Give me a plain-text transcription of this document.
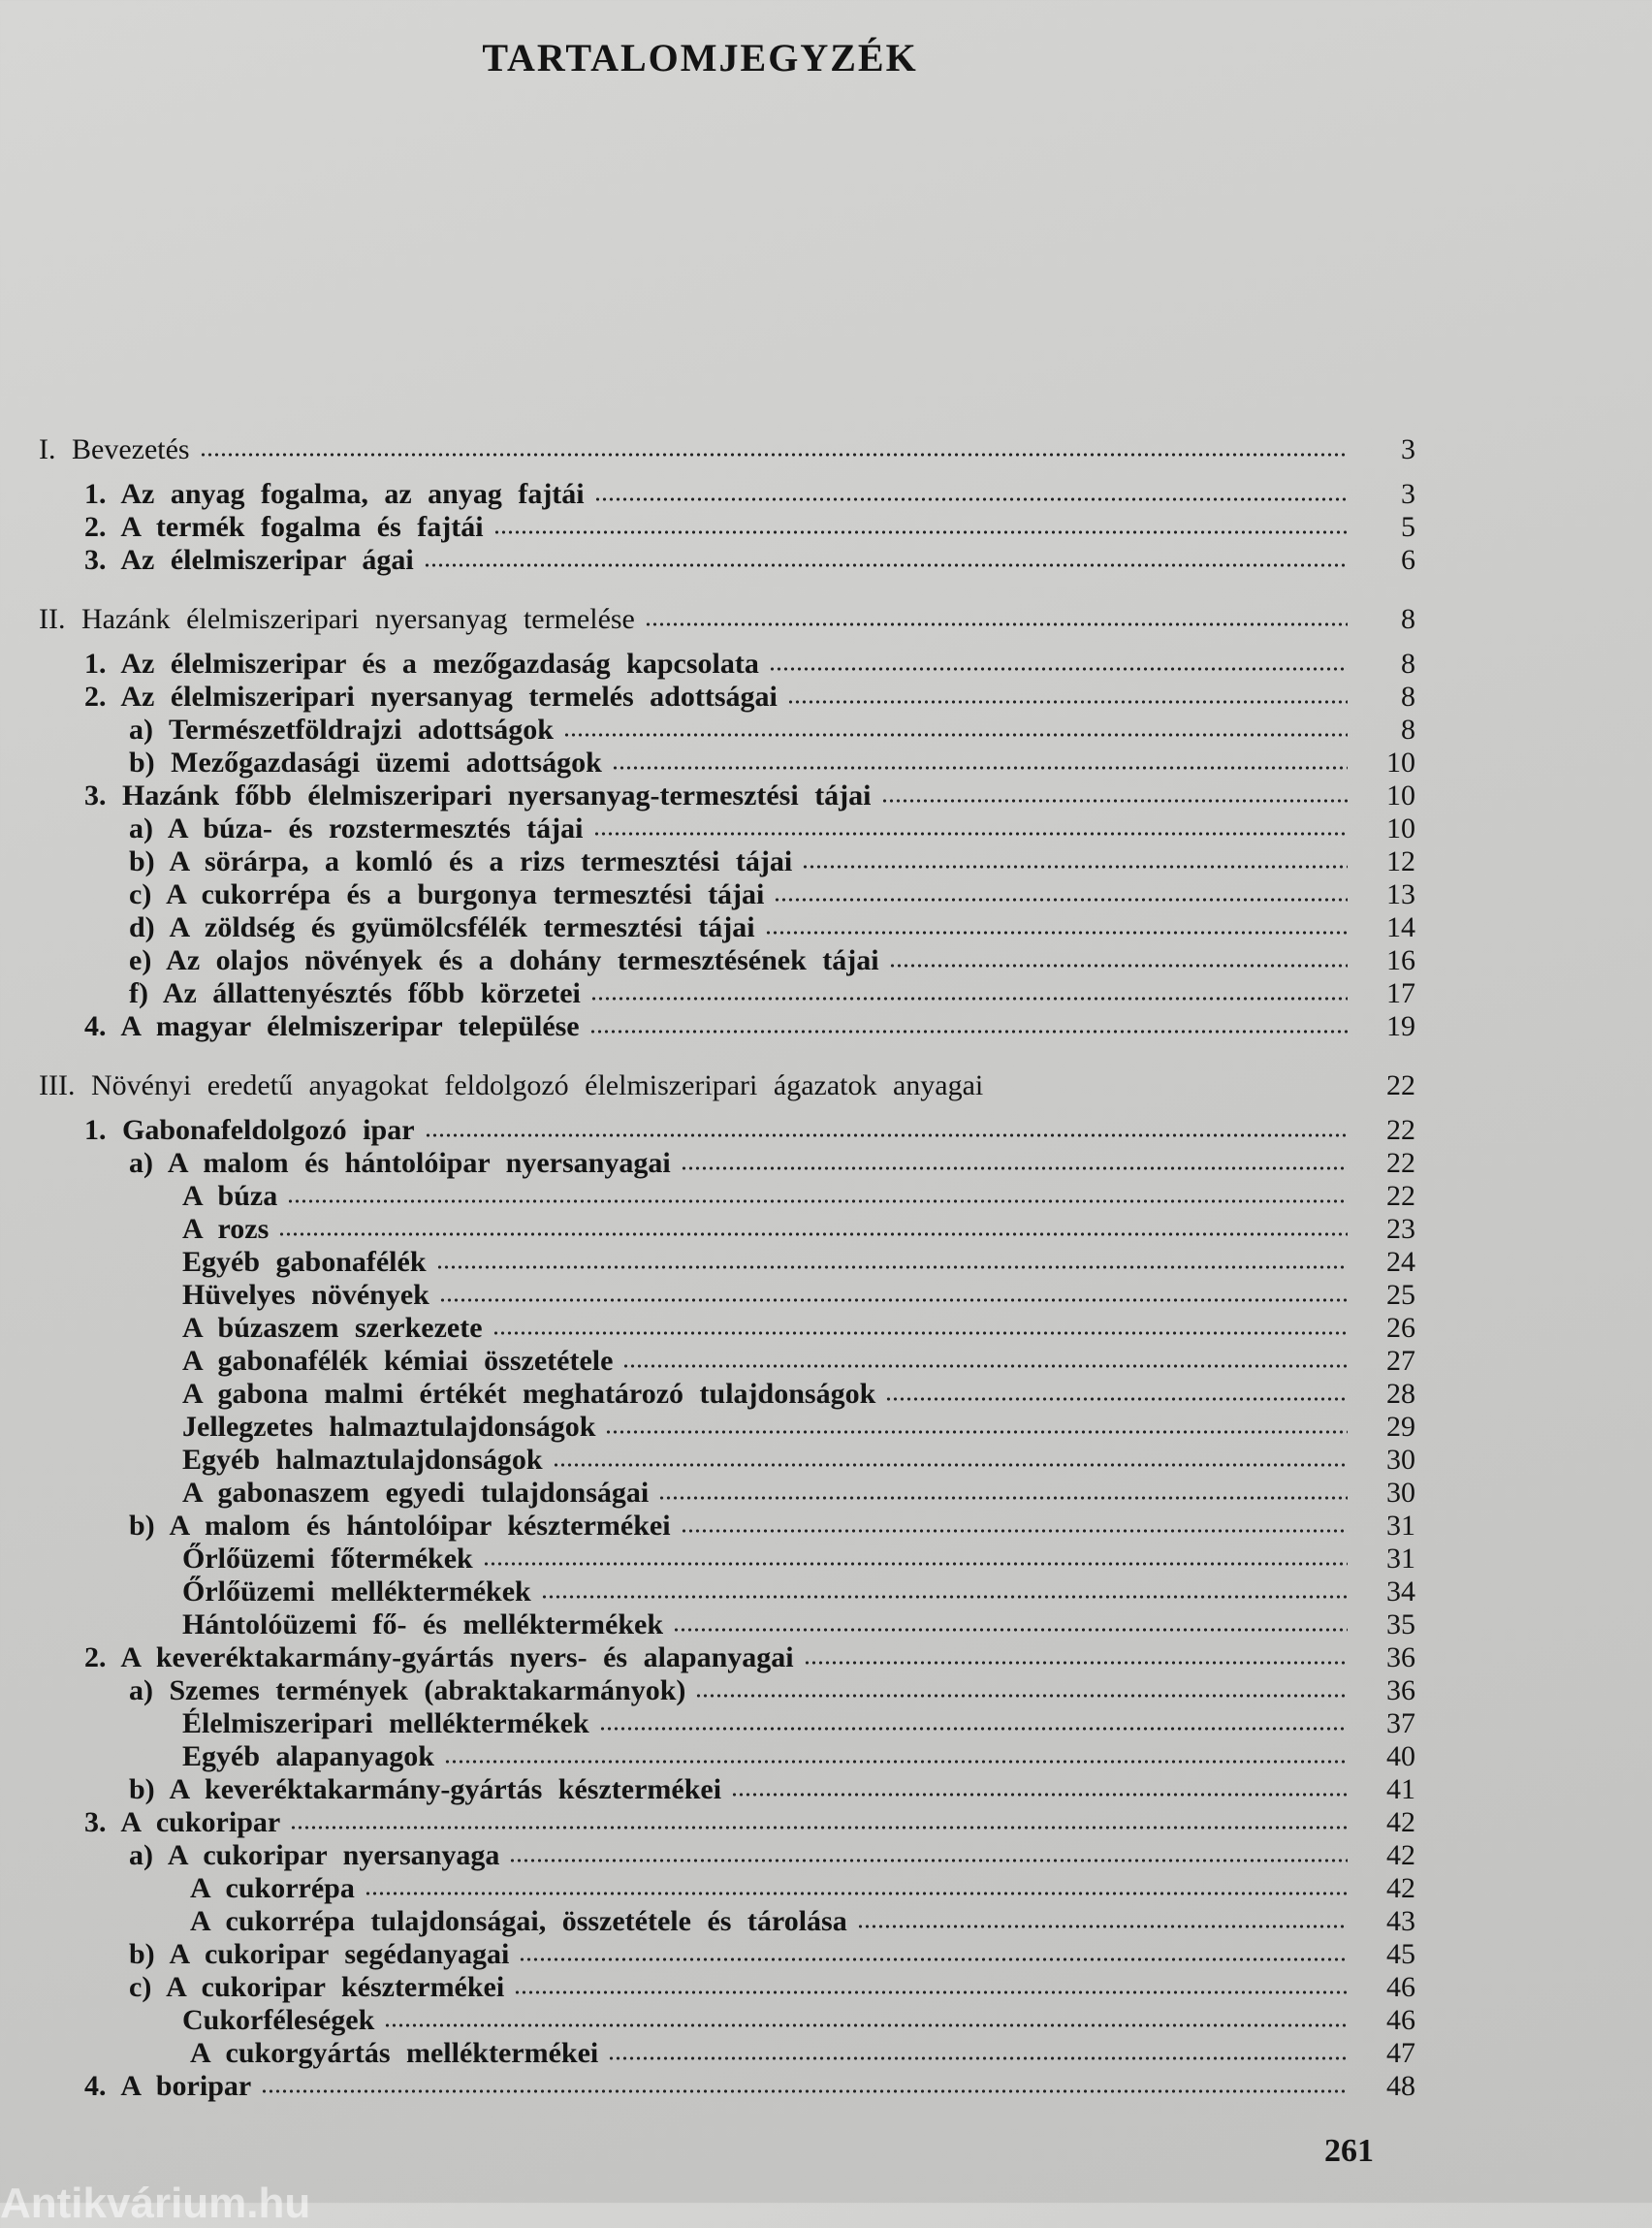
TARTALOMJEGYZÉK
I. Bevezetés	3
1. Az anyag fogalma, az anyag fajtái	3
2. A termék fogalma és fajtái	5
3. Az élelmiszeripar ágai	6
II. Hazánk élelmiszeripari nyersanyag termelése	8
1. Az élelmiszeripar és a mezőgazdaság kapcsolata	8
2. Az élelmiszeripari nyersanyag termelés adottságai	8
a) Természetföldrajzi adottságok	8
b) Mezőgazdasági üzemi adottságok	10
3. Hazánk főbb élelmiszeripari nyersanyag-termesztési tájai	10
a) A búza- és rozstermesztés tájai	10
b) A sörárpa, a komló és a rizs termesztési tájai	12
c) A cukorrépa és a burgonya termesztési tájai	13
d) A zöldség és gyümölcsfélék termesztési tájai	14
e) Az olajos növények és a dohány termesztésének tájai	16
f) Az állattenyésztés főbb körzetei	17
4. A magyar élelmiszeripar települése	19
III. Növényi eredetű anyagokat feldolgozó élelmiszeripari ágazatok anyagai	22
1. Gabonafeldolgozó ipar	22
a) A malom és hántolóipar nyersanyagai	22
A búza	22
A rozs	23
Egyéb gabonafélék	24
Hüvelyes növények	25
A búzaszem szerkezete	26
A gabonafélék kémiai összetétele	27
A gabona malmi értékét meghatározó tulajdonságok	28
Jellegzetes halmaztulajdonságok	29
Egyéb halmaztulajdonságok	30
A gabonaszem egyedi tulajdonságai	30
b) A malom és hántolóipar késztermékei	31
Őrlőüzemi főtermékek	31
Őrlőüzemi melléktermékek	34
Hántolóüzemi fő- és melléktermékek	35
2. A keveréktakarmány-gyártás nyers- és alapanyagai	36
a) Szemes termények (abraktakarmányok)	36
Élelmiszeripari melléktermékek	37
Egyéb alapanyagok	40
b) A keveréktakarmány-gyártás késztermékei	41
3. A cukoripar	42
a) A cukoripar nyersanyaga	42
A cukorrépa	42
A cukorrépa tulajdonságai, összetétele és tárolása	43
b) A cukoripar segédanyagai	45
c) A cukoripar késztermékei	46
Cukorféleségek	46
A cukorgyártás melléktermékei	47
4. A boripar	48
261
Antikvárium.hu
